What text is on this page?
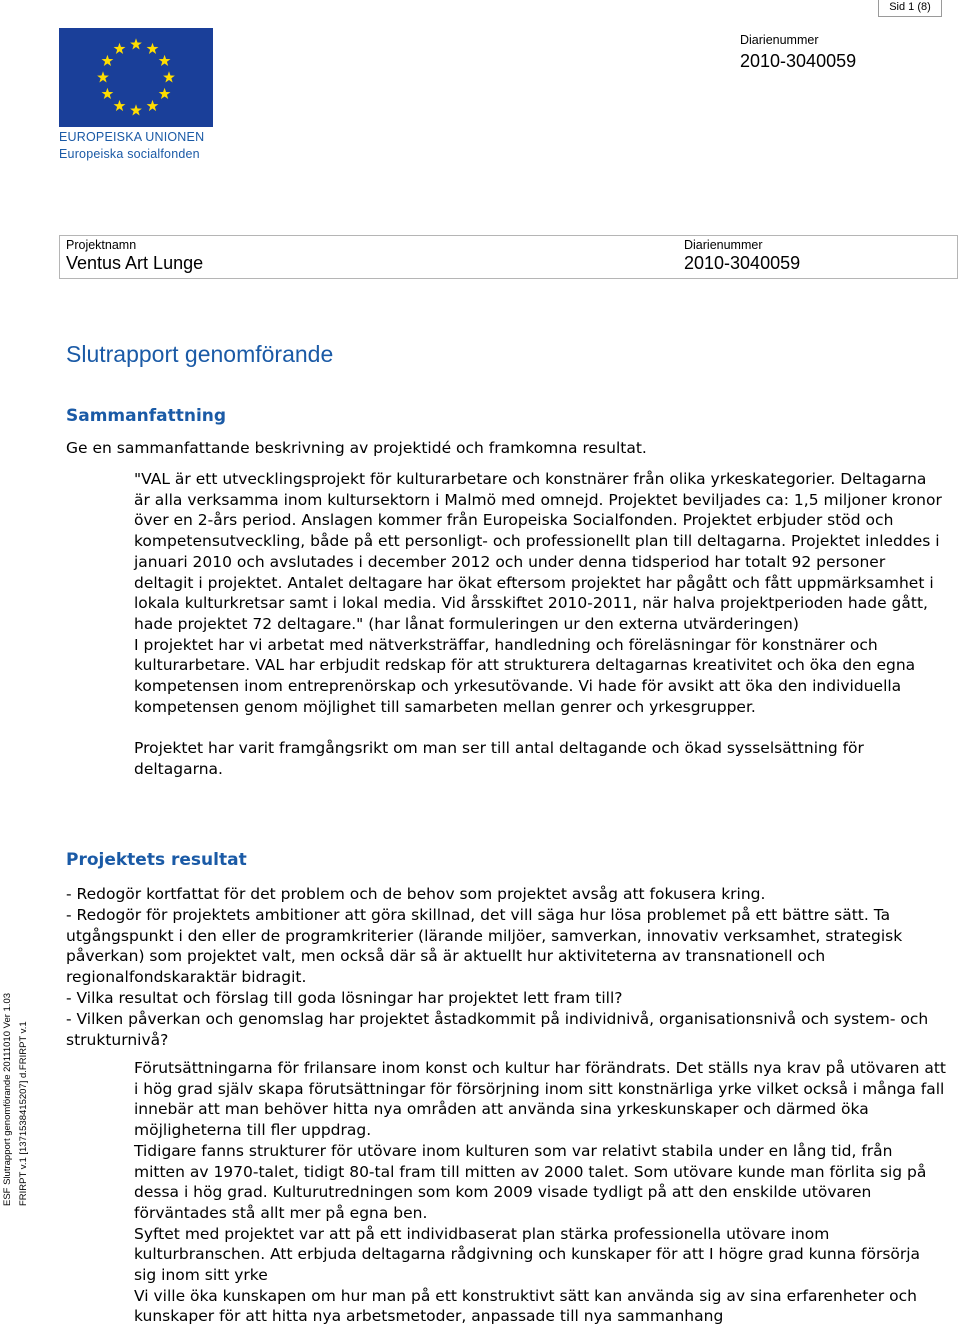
Sid 1 (8)
EUROPEISKA UNIONEN
Europeiska socialfonden
Diarienummer
2010-3040059
Projektnamn
Ventus Art Lunge
Diarienummer
2010-3040059
Slutrapport genomförande
Sammanfattning
Ge en sammanfattande beskrivning av projektidé och framkomna resultat.

"VAL är ett utvecklingsprojekt för kulturarbetare och konstnärer från olika yrkeskategorier. Deltagarna är alla verksamma inom kultursektorn i Malmö med omnejd. Projektet beviljades ca: 1,5 miljoner kronor över en 2-års period. Anslagen kommer från Europeiska Socialfonden. Projektet erbjuder stöd och kompetensutveckling, både på ett personligt- och professionellt plan till deltagarna. Projektet inleddes i januari 2010 och avslutades i december 2012 och under denna tidsperiod har totalt 92 personer deltagit i projektet. Antalet deltagare har ökat eftersom projektet har pågått och fått uppmärksamhet i lokala kulturkretsar samt i lokal media. Vid årsskiftet 2010-2011, när halva projektperioden hade gått, hade projektet 72 deltagare." (har lånat formuleringen ur den externa utvärderingen)

I projektet har vi arbetat med nätverksträffar, handledning och föreläsningar för konstnärer och kulturarbetare. VAL har erbjudit redskap för att strukturera deltagarnas kreativitet och öka den egna kompetensen inom entreprenörskap och yrkesutövande. Vi hade för avsikt att öka den individuella kompetensen genom möjlighet till samarbeten mellan genrer och yrkesgrupper.

Projektet har varit framgångsrikt om man ser till antal deltagande och ökad sysselsättning för deltagarna.

Projektets resultat
- Redogör kortfattat för det problem och de behov som projektet avsåg att fokusera kring.
- Redogör för projektets ambitioner att göra skillnad, det vill säga hur lösa problemet på ett bättre sätt. Ta utgångspunkt i den eller de programkriterier (lärande miljöer, samverkan, innovativ verksamhet, strategisk påverkan) som projektet valt, men också där så är aktuellt hur aktiviteterna av transnationell och regionalfondskaraktär bidragit.
- Vilka resultat och förslag till goda lösningar har projektet lett fram till?
- Vilken påverkan och genomslag har projektet åstadkommit på individnivå, organisationsnivå och system- och strukturnivå?

Förutsättningarna för frilansare inom konst och kultur har förändrats. Det ställs nya krav på utövaren att i hög grad själv skapa förutsättningar för försörjning inom sitt konstnärliga yrke vilket också i många fall innebär att man behöver hitta nya områden att använda sina yrkeskunskaper och därmed öka möjligheterna till fler uppdrag.

Tidigare fanns strukturer för utövare inom kulturen som var relativt stabila under en lång tid, från mitten av 1970-talet, tidigt 80-tal fram till mitten av 2000 talet. Som utövare kunde man förlita sig på dessa i hög grad. Kulturutredningen som kom 2009 visade tydligt på att den enskilde utövaren förväntades stå allt mer på egna ben.

Syftet med projektet var att på ett individbaserat plan stärka professionella utövare inom kulturbranschen. Att erbjuda deltagarna rådgivning och kunskaper för att I högre grad kunna försörja sig inom sitt yrke

Vi ville öka kunskapen om hur man på ett konstruktivt sätt kan använda sig av sina erfarenheter och kunskaper för att hitta nya arbetsmetoder, anpassade till nya sammanhang

ESF Slutrapport genomförande 20111010 Ver 1.03 FRIRPT v.1 [1371538415207] d.FRIRPT v.1
